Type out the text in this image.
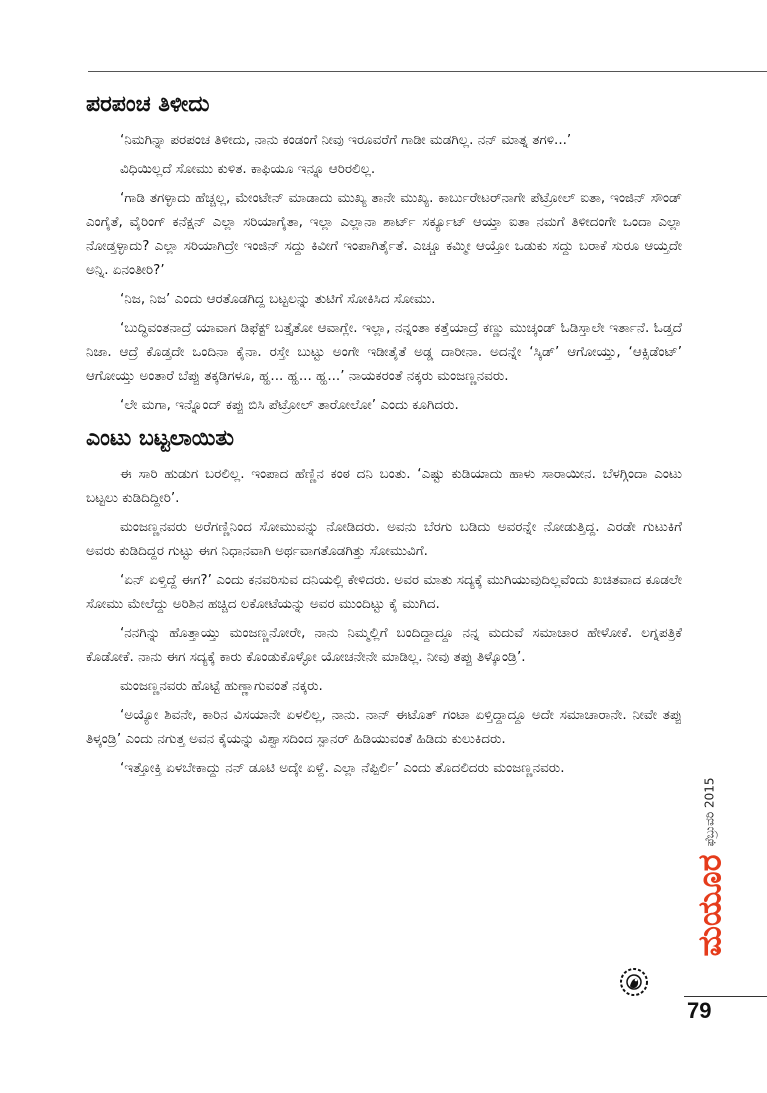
ಪರಪಂಚ ತಿಳೀದು

‘ನಿಮಗಿನ್ನಾ ಪರಪಂಚ ತಿಳೀದು, ನಾನು ಕಂಡಂಗೆ ನೀವು ಇರೂವರೆಗೆ ಗಾಡೀ ಮಡಗಿಲ್ಲ. ನನ್ ಮಾತ್ನ ತಗಳಿ...’

ವಿಧಿಯಿಲ್ಲದೆ ಸೋಮು ಕುಳಿತ. ಕಾಫಿಯೂ ಇನ್ನೂ ಆರಿರಲಿಲ್ಲ.

‘ಗಾಡಿ ತಗಳ್ಳಾದು ಹೆಚ್ಚಲ್ಲ, ಮೇಂಟೇನ್ ಮಾಡಾದು ಮುಖ್ಯ ತಾನೇ ಮುಖ್ಯ. ಕಾರ್ಬುರೇಟರ್‌ನಾಗೇ ಪೆಟ್ರೋಲ್ ಐತಾ, ಇಂಜಿನ್ ಸೌಂಡ್ ಎಂಗೈತೆ, ವೈರಿಂಗ್ ಕನೆಕ್ಷನ್ ಎಲ್ಲಾ ಸರಿಯಾಗೈತಾ, ಇಲ್ಲಾ ಎಲ್ಲಾನಾ ಶಾರ್ಟ್ ಸರ್ಕ್ಯೂಟ್ ಆಯ್ತಾ ಐತಾ ನಮಗೆ ತಿಳೀದಂಗೇ ಒಂದಾ ಎಲ್ಲಾ ನೋಡ್ತಳ್ಳಾದು? ಎಲ್ಲಾ ಸರಿಯಾಗಿದ್ರೇ ಇಂಜಿನ್ ಸದ್ದು ಕಿವೀಗೆ ಇಂಪಾಗಿರ್ತೈತೆ. ಎಚ್ಚೂ ಕಮ್ಮೀ ಆಯ್ತೋ ಒಡುಕು ಸದ್ದು ಬರಾಕೆ ಸುರೂ ಆಯ್ತದೇ ಅನ್ನಿ. ಏನಂತೀರಿ?’

‘ನಿಜ, ನಿಜ’ ಎಂದು ಆರತೊಡಗಿದ್ದ ಬಟ್ಟಲನ್ನು ತುಟಿಗೆ ಸೋಕಿಸಿದ ಸೋಮು.

‘ಬುದ್ಧಿವಂತನಾದ್ರೆ ಯಾವಾಗ ಡಿಫೆಕ್ಟ್ ಬತ್ತೈತೋ ಆವಾಗ್ಲೇ. ಇಲ್ಲಾ, ನನ್ನಂತಾ ಕತ್ತೆಯಾದ್ರೆ ಕಣ್ಣು ಮುಚ್ಕಂಡ್ ಓಡಿಸ್ತಾಲೇ ಇರ್ತಾನೆ. ಓಡ್ತದೆ ನಿಜಾ. ಆದ್ರೆ ಕೊಡ್ತದೇ ಒಂದಿನಾ ಕೈನಾ. ರಸ್ತೇ ಬುಟ್ಟು ಅಂಗೇ ಇಡೀತೈತೆ ಅಡ್ಡ ದಾರೀನಾ. ಅದನ್ನೇ ‘ಸ್ಕಿಡ್’ ಆಗೋಯ್ತು, ‘ಆಕ್ಸಿಡೆಂಟ್’ ಆಗೋಯ್ತು ಅಂತಾರೆ ಬೆಪ್ಪು ತಕ್ಕಡಿಗಳೂ, ಹ್ಹ... ಹ್ಹ... ಹ್ಹ...’ ನಾಯಕರಂತೆ ನಕ್ಕರು ಮಂಜಣ್ಣನವರು.

‘ಲೇ ಮಗಾ, ಇನ್ನೊಂದ್ ಕಪ್ಪು ಬಿಸಿ ಪೆಟ್ರೋಲ್ ತಾರೋಲೋ’ ಎಂದು ಕೂಗಿದರು.

ಎಂಟು ಬಟ್ಟಲಾಯಿತು

ಈ ಸಾರಿ ಹುಡುಗ ಬರಲಿಲ್ಲ. ಇಂಪಾದ ಹೆಣ್ಣಿನ ಕಂಠ ದನಿ ಬಂತು. ‘ಎಷ್ಟು ಕುಡಿಯಾದು ಹಾಳು ಸಾರಾಯೀನ. ಬೆಳಗ್ಗಿಂದಾ ಎಂಟು ಬಟ್ಟಲು ಕುಡಿದಿದ್ದೀರಿ’.

ಮಂಜಣ್ಣನವರು ಅರೆಗಣ್ಣಿನಿಂದ ಸೋಮುವನ್ನು ನೋಡಿದರು. ಅವನು ಬೆರಗು ಬಡಿದು ಅವರನ್ನೇ ನೋಡುತ್ತಿದ್ದ. ಎರಡೇ ಗುಟುಕಿಗೆ ಅವರು ಕುಡಿದಿದ್ದರ ಗುಟ್ಟು ಈಗ ನಿಧಾನವಾಗಿ ಅರ್ಥವಾಗತೊಡಗಿತ್ತು ಸೋಮುವಿಗೆ.

‘ಏನ್ ಏಳ್ತಿದ್ದೆ ಈಗ?’ ಎಂದು ಕನವರಿಸುವ ದನಿಯಲ್ಲಿ ಕೇಳಿದರು. ಅವರ ಮಾತು ಸದ್ಯಕ್ಕೆ ಮುಗಿಯುವುದಿಲ್ಲವೆಂದು ಖಚಿತವಾದ ಕೂಡಲೇ ಸೋಮು ಮೇಲೆದ್ದು ಅರಿಶಿನ ಹಚ್ಚಿದ ಲಕೋಟೆಯನ್ನು ಅವರ ಮುಂದಿಟ್ಟು ಕೈ ಮುಗಿದ.

‘ನನಗಿನ್ನು ಹೊತ್ತಾಯ್ತು ಮಂಜಣ್ಣನೋರೇ, ನಾನು ನಿಮ್ಮಲ್ಲಿಗೆ ಬಂದಿದ್ದಾದ್ದೂ ನನ್ನ ಮದುವೆ ಸಮಾಚಾರ ಹೇಳೋಕೆ. ಲಗ್ನಪತ್ರಿಕೆ ಕೊಡೋಕೆ. ನಾನು ಈಗ ಸದ್ಯಕ್ಕೆ ಕಾರು ಕೊಂಡುಕೊಳ್ಳೋ ಯೋಚನೇನೇ ಮಾಡಿಲ್ಲ. ನೀವು ತಪ್ಪು ತಿಳ್ಕೊಂಡ್ರಿ’.

ಮಂಜಣ್ಣನವರು ಹೊಟ್ಟೆ ಹುಣ್ಣಾಗುವಂತೆ ನಕ್ಕರು.

‘ಅಯ್ಯೋ ಶಿವನೇ, ಕಾರಿನ ವಿಸಯಾನೇ ಏಳಲಿಲ್ಲ, ನಾನು. ನಾನ್ ಈಟೊತ್ ಗಂಟಾ ಏಳ್ತಿದ್ದಾದ್ದೂ ಅದೇ ಸಮಾಚಾರಾನೇ. ನೀವೇ ತಪ್ಪು ತಿಳ್ಕಂಡ್ರಿ’ ಎಂದು ನಗುತ್ತ ಅವನ ಕೈಯನ್ನು ವಿಶ್ವಾಸದಿಂದ ಸ್ಪಾನರ್ ಹಿಡಿಯುವಂತೆ ಹಿಡಿದು ಕುಲುಕಿದರು.

‘ಇತ್ತೋಕ್ತಿ ಏಳಬೇಕಾದ್ದು ನನ್ ಡೂಟಿ ಅದ್ಕೇ ಏಳ್ದೆ. ಎಲ್ಲಾ ನೆಪ್ಪಿರ್ಲಿ’ ಎಂದು ತೊದಲಿದರು ಮಂಜಣ್ಣನವರು.

ಮಯೂರ
ಫೆಬ್ರುವರಿ 2015
79
